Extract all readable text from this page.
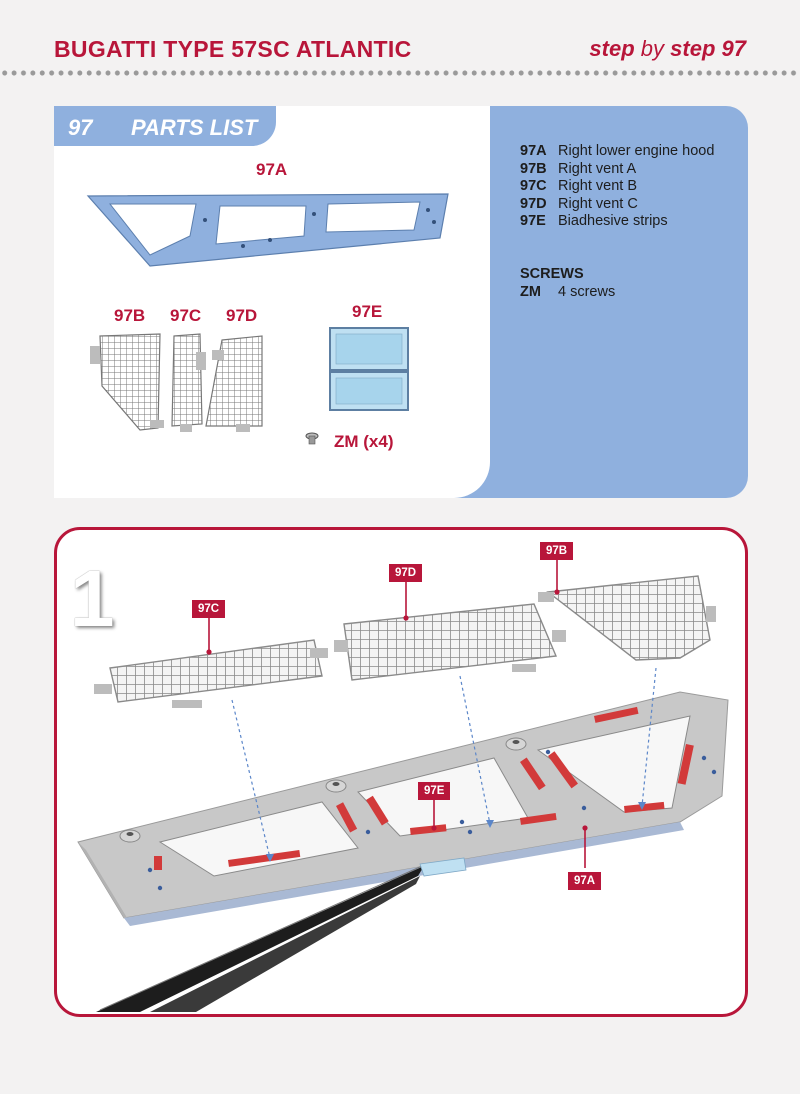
BUGATTI TYPE 57SC ATLANTIC	step by step 97
97 PARTS LIST
97A Right lower engine hood
97B Right vent A
97C Right vent B
97D Right vent C
97E Biadhesive strips
SCREWS
ZM	4 screws
97A
97B 97C 97D	97E
ZM (x4)
1	97C
97D
97B
97E
97A
